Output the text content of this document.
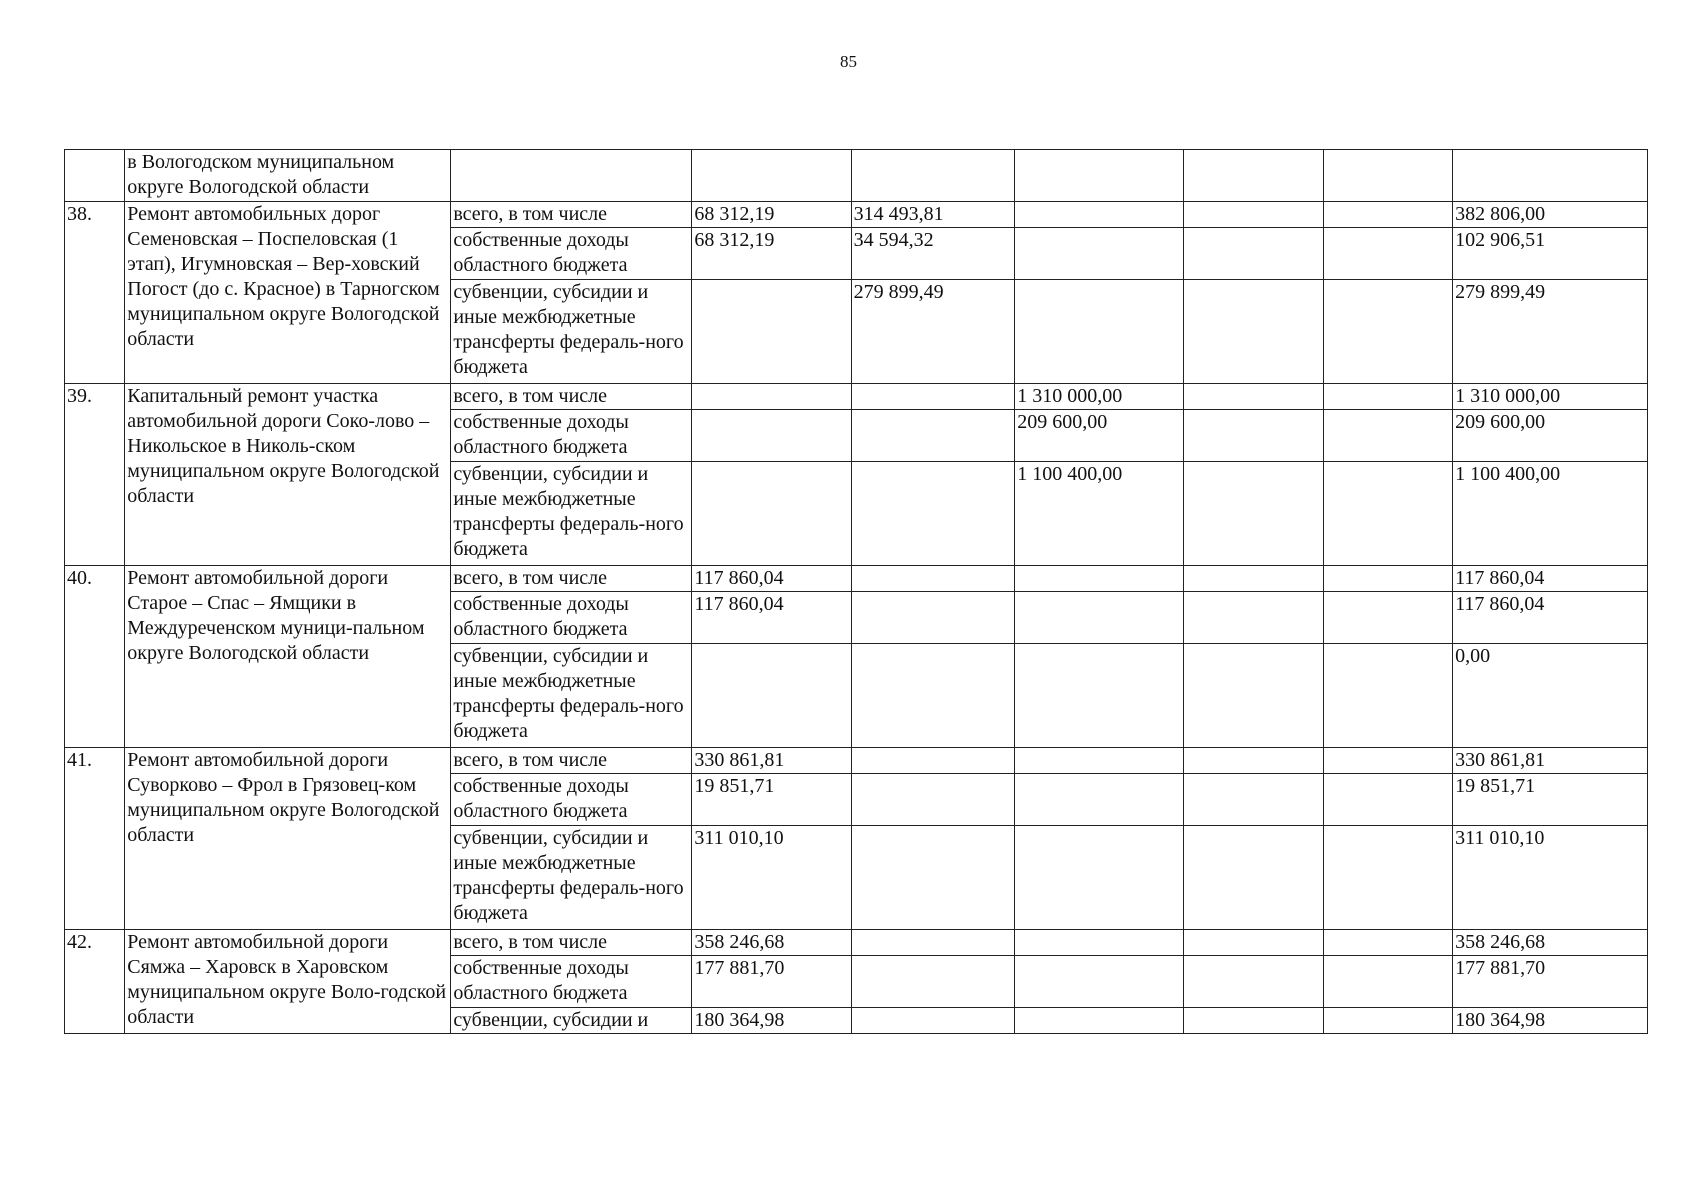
85
	в Вологодском муниципальном округе Вологодской области							
38.	Ремонт автомобильных дорог Семеновская – Поспеловская (1 этап), Игумновская – Вер-ховский Погост (до с. Красное) в Тарногском муниципальном округе Вологодской области	всего, в том числе	68 312,19	314 493,81				382 806,00
		собственные доходы областного бюджета	68 312,19	34 594,32				102 906,51
		субвенции, субсидии и иные межбюджетные трансферты федераль-ного бюджета		279 899,49				279 899,49
39.	Капитальный ремонт участка автомобильной дороги Соко-лово – Никольское в Николь-ском муниципальном округе Вологодской области	всего, в том числе			1 310 000,00			1 310 000,00
		собственные доходы областного бюджета			209 600,00			209 600,00
		субвенции, субсидии и иные межбюджетные трансферты федераль-ного бюджета			1 100 400,00			1 100 400,00
40.	Ремонт автомобильной дороги Старое – Спас – Ямщики в Междуреченском муници-пальном округе Вологодской области	всего, в том числе	117 860,04					117 860,04
		собственные доходы областного бюджета	117 860,04					117 860,04
		субвенции, субсидии и иные межбюджетные трансферты федераль-ного бюджета						0,00
41.	Ремонт автомобильной дороги Суворково – Фрол в Грязовец-ком муниципальном округе Вологодской области	всего, в том числе	330 861,81					330 861,81
		собственные доходы областного бюджета	19 851,71					19 851,71
		субвенции, субсидии и иные межбюджетные трансферты федераль-ного бюджета	311 010,10					311 010,10
42.	Ремонт автомобильной дороги Сямжа – Харовск в Харовском муниципальном округе Воло-годской области	всего, в том числе	358 246,68					358 246,68
		собственные доходы областного бюджета	177 881,70					177 881,70
		субвенции, субсидии и	180 364,98					180 364,98
